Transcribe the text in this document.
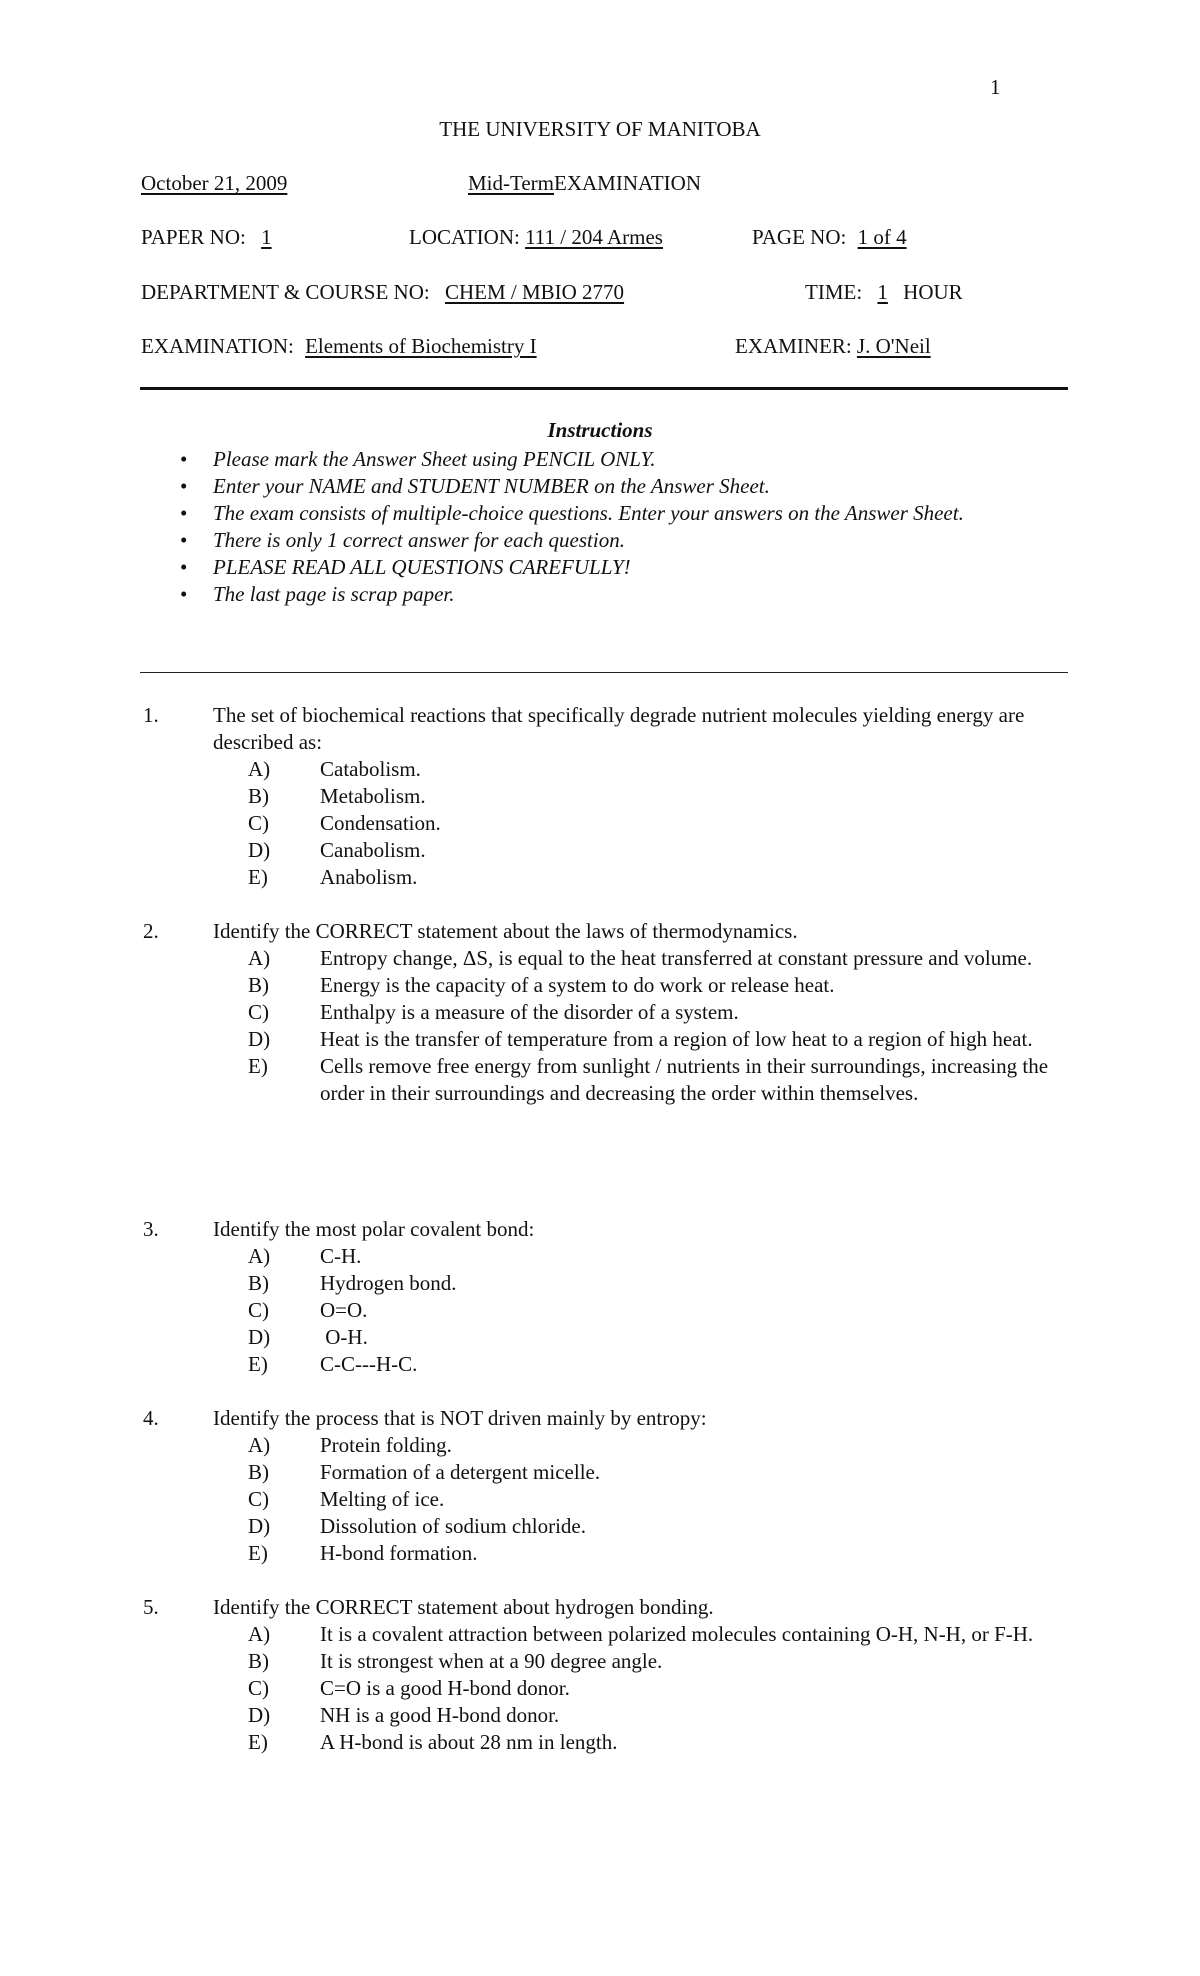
1
THE UNIVERSITY OF MANITOBA
October 21, 2009	Mid-TermEXAMINATION
PAPER NO: 1	LOCATION: 111 / 204 Armes	PAGE NO: 1 of 4
DEPARTMENT & COURSE NO: CHEM / MBIO 2770	TIME: 1 HOUR
EXAMINATION: Elements of Biochemistry I	EXAMINER: J. O'Neil
Instructions
• Please mark the Answer Sheet using PENCIL ONLY.
• Enter your NAME and STUDENT NUMBER on the Answer Sheet.
• The exam consists of multiple-choice questions. Enter your answers on the Answer Sheet.
• There is only 1 correct answer for each question.
• PLEASE READ ALL QUESTIONS CAREFULLY!
• The last page is scrap paper.
1.	The set of biochemical reactions that specifically degrade nutrient molecules yielding energy are described as:
A) Catabolism.
B) Metabolism.
C) Condensation.
D) Canabolism.
E) Anabolism.
2.	Identify the CORRECT statement about the laws of thermodynamics.
A) Entropy change, ΔS, is equal to the heat transferred at constant pressure and volume.
B) Energy is the capacity of a system to do work or release heat.
C) Enthalpy is a measure of the disorder of a system.
D) Heat is the transfer of temperature from a region of low heat to a region of high heat.
E) Cells remove free energy from sunlight / nutrients in their surroundings, increasing the order in their surroundings and decreasing the order within themselves.
3.	Identify the most polar covalent bond:
A) C-H.
B) Hydrogen bond.
C) O=O.
D) O-H.
E) C-C---H-C.
4.	Identify the process that is NOT driven mainly by entropy:
A) Protein folding.
B) Formation of a detergent micelle.
C) Melting of ice.
D) Dissolution of sodium chloride.
E) H-bond formation.
5.	Identify the CORRECT statement about hydrogen bonding.
A) It is a covalent attraction between polarized molecules containing O-H, N-H, or F-H.
B) It is strongest when at a 90 degree angle.
C) C=O is a good H-bond donor.
D) NH is a good H-bond donor.
E) A H-bond is about 28 nm in length.
